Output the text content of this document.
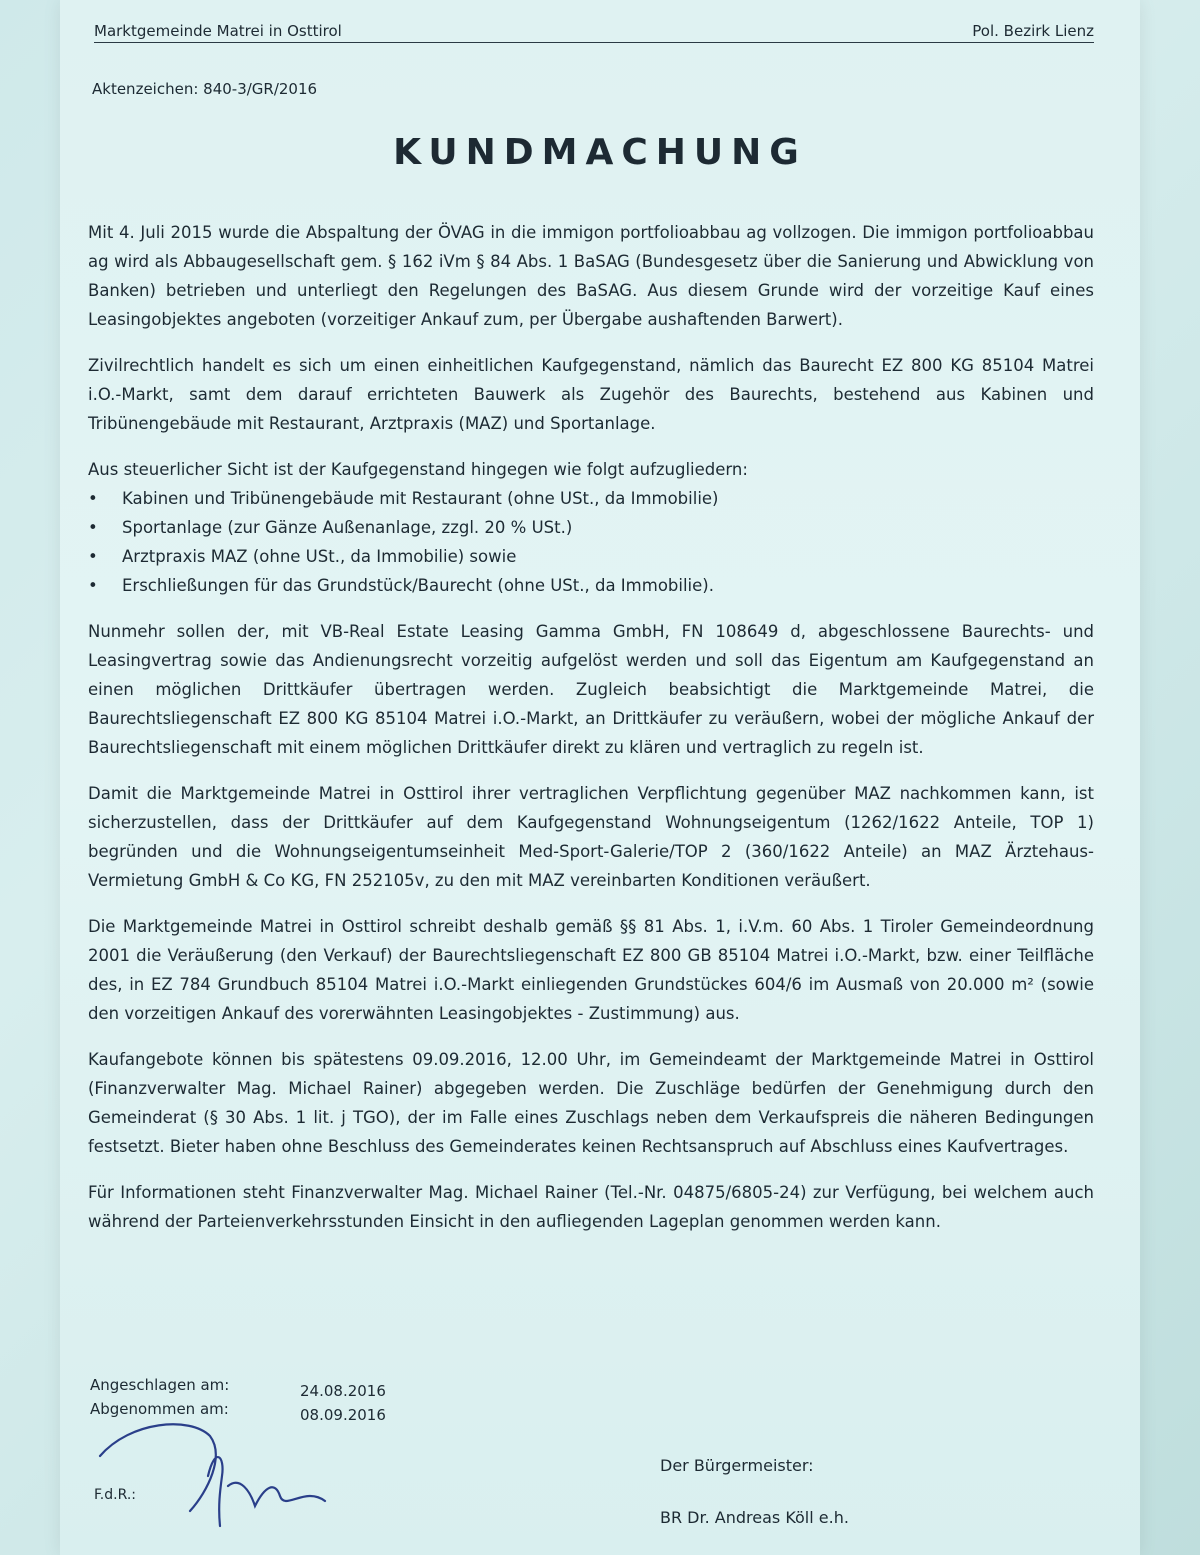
Marktgemeinde Matrei in Osttirol	Pol. Bezirk Lienz
Aktenzeichen: 840-3/GR/2016
KUNDMACHUNG

Mit 4. Juli 2015 wurde die Abspaltung der ÖVAG in die immigon portfolioabbau ag vollzogen. Die immigon portfolioabbau ag wird als Abbaugesellschaft gem. § 162 iVm § 84 Abs. 1 BaSAG (Bundesgesetz über die Sanierung und Abwicklung von Banken) betrieben und unterliegt den Regelungen des BaSAG. Aus diesem Grunde wird der vorzeitige Kauf eines Leasingobjektes angeboten (vorzeitiger Ankauf zum, per Übergabe aushaftenden Barwert).

Zivilrechtlich handelt es sich um einen einheitlichen Kaufgegenstand, nämlich das Baurecht EZ 800 KG 85104 Matrei i.O.-Markt, samt dem darauf errichteten Bauwerk als Zugehör des Baurechts, bestehend aus Kabinen und Tribünengebäude mit Restaurant, Arztpraxis (MAZ) und Sportanlage.

Aus steuerlicher Sicht ist der Kaufgegenstand hingegen wie folgt aufzugliedern:

• Kabinen und Tribünengebäude mit Restaurant (ohne USt., da Immobilie)
• Sportanlage (zur Gänze Außenanlage, zzgl. 20 % USt.)
• Arztpraxis MAZ (ohne USt., da Immobilie) sowie
• Erschließungen für das Grundstück/Baurecht (ohne USt., da Immobilie).

Nunmehr sollen der, mit VB-Real Estate Leasing Gamma GmbH, FN 108649 d, abgeschlossene Baurechts- und Leasingvertrag sowie das Andienungsrecht vorzeitig aufgelöst werden und soll das Eigentum am Kaufgegenstand an einen möglichen Drittkäufer übertragen werden. Zugleich beabsichtigt die Marktgemeinde Matrei, die Baurechtsliegenschaft EZ 800 KG 85104 Matrei i.O.-Markt, an Drittkäufer zu veräußern, wobei der mögliche Ankauf der Baurechtsliegenschaft mit einem möglichen Drittkäufer direkt zu klären und vertraglich zu regeln ist.

Damit die Marktgemeinde Matrei in Osttirol ihrer vertraglichen Verpflichtung gegenüber MAZ nachkommen kann, ist sicherzustellen, dass der Drittkäufer auf dem Kaufgegenstand Wohnungseigentum (1262/1622 Anteile, TOP 1) begründen und die Wohnungseigentumseinheit Med-Sport-Galerie/TOP 2 (360/1622 Anteile) an MAZ Ärztehaus-Vermietung GmbH & Co KG, FN 252105v, zu den mit MAZ vereinbarten Konditionen veräußert.

Die Marktgemeinde Matrei in Osttirol schreibt deshalb gemäß §§ 81 Abs. 1, i.V.m. 60 Abs. 1 Tiroler Gemeindeordnung 2001 die Veräußerung (den Verkauf) der Baurechtsliegenschaft EZ 800 GB 85104 Matrei i.O.-Markt, bzw. einer Teilfläche des, in EZ 784 Grundbuch 85104 Matrei i.O.-Markt einliegenden Grundstückes 604/6 im Ausmaß von 20.000 m² (sowie den vorzeitigen Ankauf des vorerwähnten Leasingobjektes - Zustimmung) aus.

Kaufangebote können bis spätestens 09.09.2016, 12.00 Uhr, im Gemeindeamt der Marktgemeinde Matrei in Osttirol (Finanzverwalter Mag. Michael Rainer) abgegeben werden. Die Zuschläge bedürfen der Genehmigung durch den Gemeinderat (§ 30 Abs. 1 lit. j TGO), der im Falle eines Zuschlags neben dem Verkaufspreis die näheren Bedingungen festsetzt. Bieter haben ohne Beschluss des Gemeinderates keinen Rechtsanspruch auf Abschluss eines Kaufvertrages.

Für Informationen steht Finanzverwalter Mag. Michael Rainer (Tel.-Nr. 04875/6805-24) zur Verfügung, bei welchem auch während der Parteienverkehrsstunden Einsicht in den aufliegenden Lageplan genommen werden kann.

Angeschlagen am:	24.08.2016
Abgenommen am:	08.09.2016
F.d.R.:
Der Bürgermeister:
BR Dr. Andreas Köll e.h.
